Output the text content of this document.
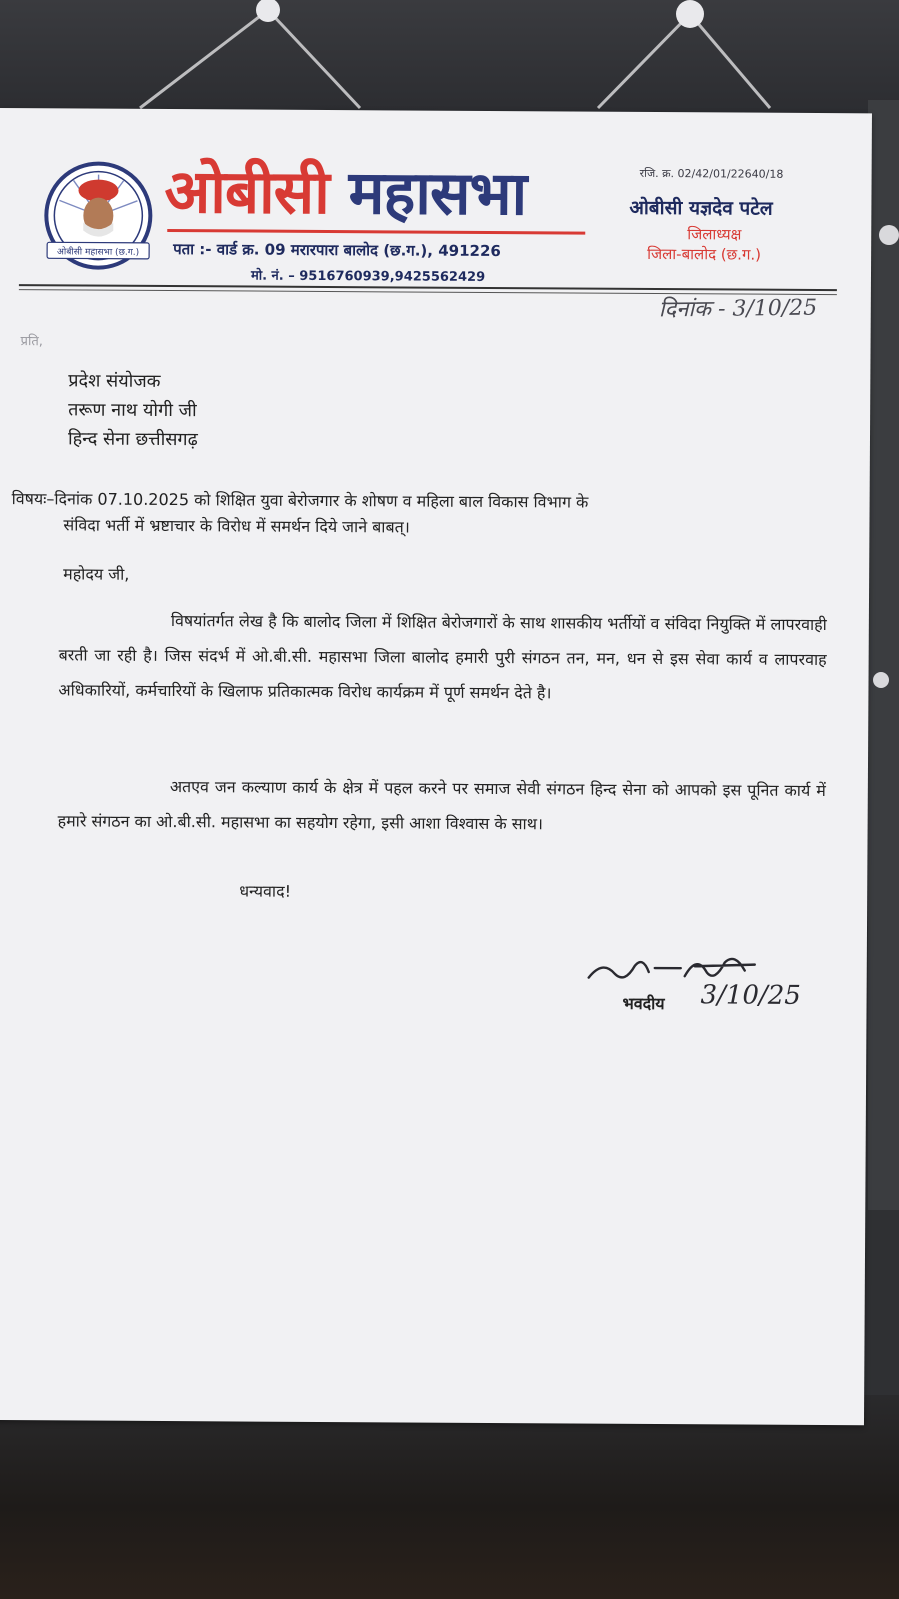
ओबीसी महासभा (छ.ग.)
ओबीसी महासभा
पता :- वार्ड क्र. 09 मरारपारा बालोद (छ.ग.), 491226
मो. नं. – 9516760939,9425562429
रजि. क्र. 02/42/01/22640/18
ओबीसी यज्ञदेव पटेल
जिलाध्यक्ष
जिला-बालोद (छ.ग.)
दिनांक - 3/10/25
प्रति,
प्रदेश संयोजक
तरूण नाथ योगी जी
हिन्द सेना छत्तीसगढ़
विषयः–दिनांक 07.10.2025 को शिक्षित युवा बेरोजगार के शोषण व महिला बाल विकास विभाग के
संविदा भर्ती में भ्रष्टाचार के विरोध में समर्थन दिये जाने बाबत्।
महोदय जी,
विषयांतर्गत लेख है कि बालोद जिला में शिक्षित बेरोजगारों के साथ शासकीय भर्तीयों व संविदा नियुक्ति में लापरवाही बरती जा रही है। जिस संदर्भ में ओ.बी.सी. महासभा जिला बालोद हमारी पुरी संगठन तन, मन, धन से इस सेवा कार्य व लापरवाह अधिकारियों, कर्मचारियों के खिलाफ प्रतिकात्मक विरोध कार्यक्रम में पूर्ण समर्थन देते है।
अतएव जन कल्याण कार्य के क्षेत्र में पहल करने पर समाज सेवी संगठन हिन्द सेना को आपको इस पूनित कार्य में हमारे संगठन का ओ.बी.सी. महासभा का सहयोग रहेगा, इसी आशा विश्वास के साथ।
धन्यवाद!
भवदीय 3/10/25
